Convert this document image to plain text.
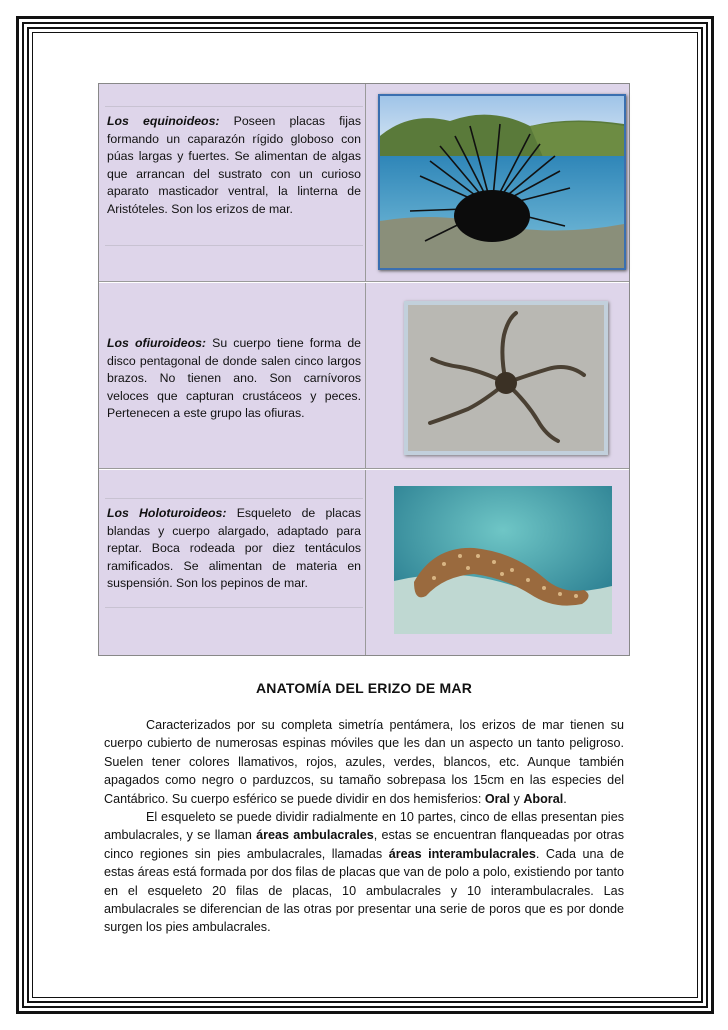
Los equinoideos: Poseen placas fijas formando un caparazón rígido globoso con púas largas y fuertes. Se alimentan de algas que arrancan del sustrato con un curioso aparato masticador ventral, la linterna de Aristóteles. Son los erizos de mar.
Los ofiuroideos: Su cuerpo tiene forma de disco pentagonal de donde salen cinco largos brazos. No tienen ano. Son carnívoros veloces que capturan crustáceos y peces. Pertenecen a este grupo las ofiuras.
Los Holoturoideos: Esqueleto de placas blandas y cuerpo alargado, adaptado para reptar. Boca rodeada por diez tentáculos ramificados. Se alimentan de materia en suspensión. Son los pepinos de mar.
ANATOMÍA DEL ERIZO DE MAR
Caracterizados por su completa simetría pentámera, los erizos de mar tienen su cuerpo cubierto de numerosas espinas móviles que les dan un aspecto un tanto peligroso. Suelen tener colores llamativos, rojos, azules, verdes, blancos, etc. Aunque también apagados como negro o parduzcos, su tamaño sobrepasa los 15cm en las especies del Cantábrico. Su cuerpo esférico se puede dividir en dos hemisferios: Oral y Aboral.
El esqueleto se puede dividir radialmente en 10 partes, cinco de ellas presentan pies ambulacrales, y se llaman áreas ambulacrales, estas se encuentran flanqueadas por otras cinco regiones sin pies ambulacrales, llamadas áreas interambulacrales. Cada una de estas áreas está formada por dos filas de placas que van de polo a polo, existiendo por tanto en el esqueleto 20 filas de placas, 10 ambulacrales y 10 interambulacrales. Las ambulacrales se diferencian de las otras por presentar una serie de poros que es por donde surgen los pies ambulacrales.
